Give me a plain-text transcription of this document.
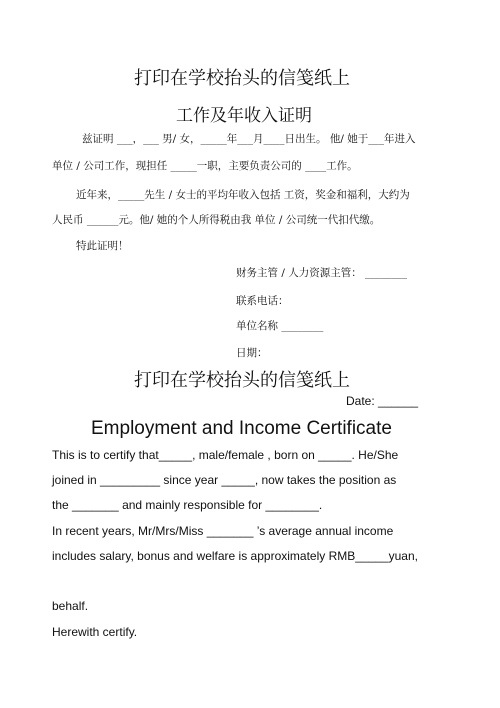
打印在学校抬头的信笺纸上
工作及年收入证明
兹证明 ___，___ 男/ 女，_____年___月____日出生。 他/ 她于___年进入
单位 / 公司工作，现担任 _____一职，主要负责公司的 ____工作。
近年来，_____先生 / 女士的平均年收入包括 工资，奖金和福利，大约为
人民币 ______元。他/ 她的个人所得税由我 单位 / 公司统一代扣代缴。
特此证明！
财务主管 / 人力资源主管： ________
联系电话：
单位名称 ________
日期：
打印在学校抬头的信笺纸上
Date: ______
Employment and Income Certificate
This is to certify that_____, male/female , born on _____. He/She
joined in _________ since year _____, now takes the position as
the _______ and mainly responsible for ________.
In recent years, Mr/Mrs/Miss _______ ’s average annual income
includes salary, bonus and welfare is approximately RMB_____yuan,
behalf.
Herewith certify.
